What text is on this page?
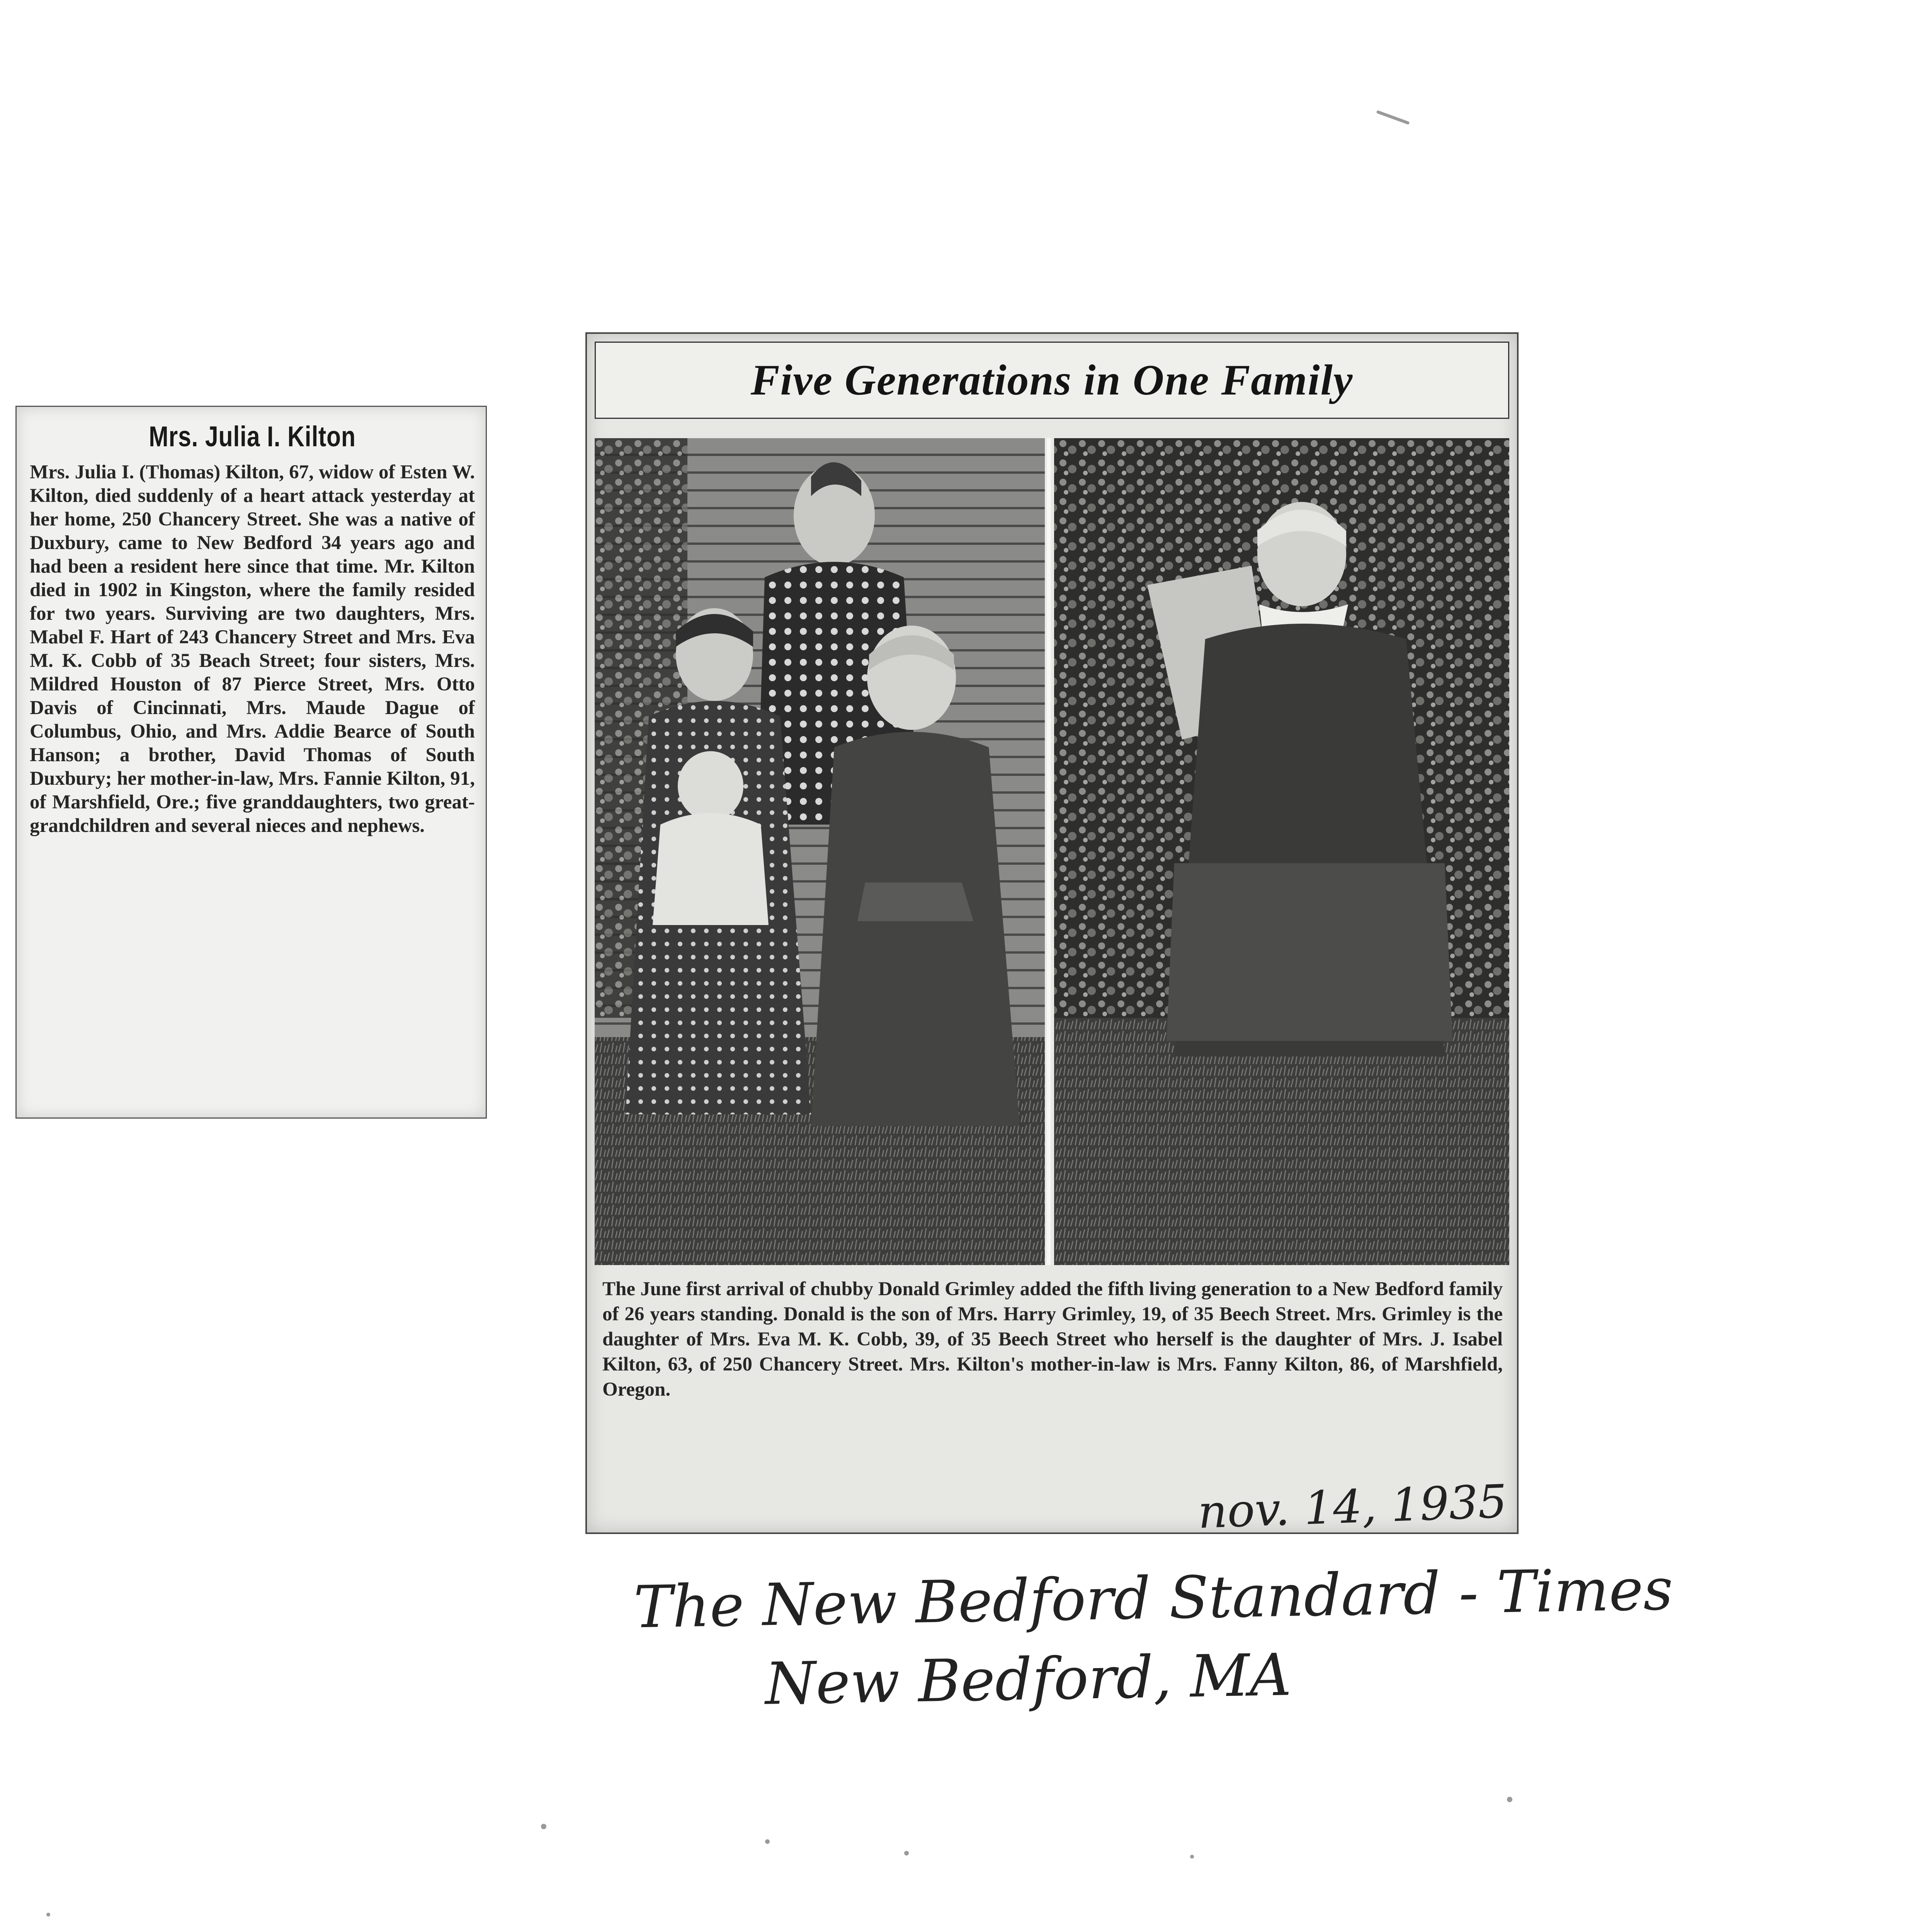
Mrs. Julia I. Kilton

Mrs. Julia I. (Thomas) Kilton, 67, widow of Esten W. Kilton, died suddenly of a heart attack yesterday at her home, 250 Chancery Street. She was a native of Duxbury, came to New Bedford 34 years ago and had been a resident here since that time. Mr. Kilton died in 1902 in Kingston, where the family resided for two years. Surviving are two daughters, Mrs. Mabel F. Hart of 243 Chancery Street and Mrs. Eva M. K. Cobb of 35 Beach Street; four sisters, Mrs. Mildred Houston of 87 Pierce Street, Mrs. Otto Davis of Cincinnati, Mrs. Maude Dague of Columbus, Ohio, and Mrs. Addie Bearce of South Hanson; a brother, David Thomas of South Duxbury; her mother-in-law, Mrs. Fannie Kilton, 91, of Marshfield, Ore.; five granddaughters, two great-grandchildren and several nieces and nephews.

Five Generations in One Family

The June first arrival of chubby Donald Grimley added the fifth living generation to a New Bedford family of 26 years standing. Donald is the son of Mrs. Harry Grimley, 19, of 35 Beech Street. Mrs. Grimley is the daughter of Mrs. Eva M. K. Cobb, 39, of 35 Beech Street who herself is the daughter of Mrs. J. Isabel Kilton, 63, of 250 Chancery Street. Mrs. Kilton's mother-in-law is Mrs. Fanny Kilton, 86, of Marshfield, Oregon.

nov. 14, 1935

The New Bedford Standard - Times

New Bedford, MA
